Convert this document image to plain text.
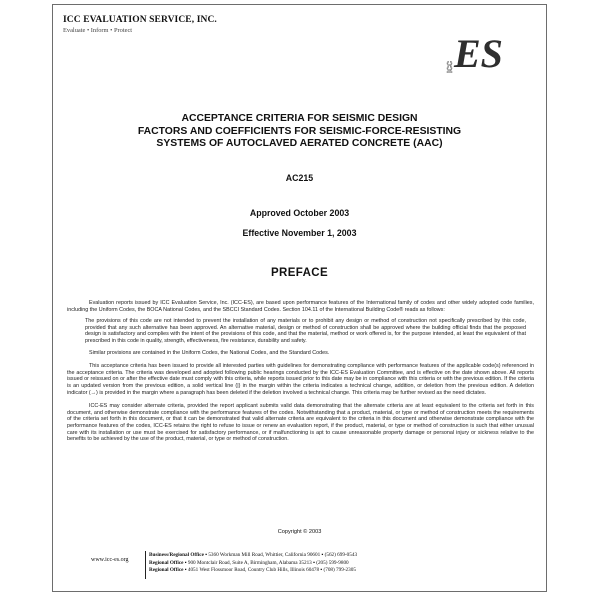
ICC EVALUATION SERVICE, INC.
Evaluate • Inform • Protect
ES
ICC
ACCEPTANCE CRITERIA FOR SEISMIC DESIGN
FACTORS AND COEFFICIENTS FOR SEISMIC-FORCE-RESISTING
SYSTEMS OF AUTOCLAVED AERATED CONCRETE (AAC)
AC215
Approved October 2003
Effective November 1, 2003
PREFACE

Evaluation reports issued by ICC Evaluation Service, Inc. (ICC-ES), are based upon performance features of the International family of codes and other widely adopted code families, including the Uniform Codes, the BOCA National Codes, and the SBCCI Standard Codes. Section 104.11 of the International Building Code® reads as follows:

The provisions of this code are not intended to prevent the installation of any materials or to prohibit any design or method of construction not specifically prescribed by this code, provided that any such alternative has been approved. An alternative material, design or method of construction shall be approved where the building official finds that the proposed design is satisfactory and complies with the intent of the provisions of this code, and that the material, method or work offered is, for the purpose intended, at least the equivalent of that prescribed in this code in quality, strength, effectiveness, fire resistance, durability and safety.

Similar provisions are contained in the Uniform Codes, the National Codes, and the Standard Codes.

This acceptance criteria has been issued to provide all interested parties with guidelines for demonstrating compliance with performance features of the applicable code(s) referenced in the acceptance criteria. The criteria was developed and adopted following public hearings conducted by the ICC-ES Evaluation Committee, and is effective on the date shown above. All reports issued or reissued on or after the effective date must comply with this criteria, while reports issued prior to this date may be in compliance with this criteria or with the previous edition. If the criteria is an updated version from the previous edition, a solid vertical line (|) in the margin within the criteria indicates a technical change, addition, or deletion from the previous edition. A deletion indicator (→) is provided in the margin where a paragraph has been deleted if the deletion involved a technical change. This criteria may be further revised as the need dictates.

ICC-ES may consider alternate criteria, provided the report applicant submits valid data demonstrating that the alternate criteria are at least equivalent to the criteria set forth in this document, and otherwise demonstrate compliance with the performance features of the codes. Notwithstanding that a product, material, or type or method of construction meets the requirements of the criteria set forth in this document, or that it can be demonstrated that valid alternate criteria are equivalent to the criteria in this document and otherwise demonstrate compliance with the performance features of the codes, ICC-ES retains the right to refuse to issue or renew an evaluation report, if the product, material, or type or method of construction is such that either unusual care with its installation or use must be exercised for satisfactory performance, or if malfunctioning is apt to cause unreasonable property damage or personal injury or sickness relative to the benefits to be achieved by the use of the product, material, or type or method of construction.

Copyright © 2003
www.icc-es.org
Business/Regional Office ▪ 5360 Workman Mill Road, Whittier, California 90601 ▪ (562) 699-0543
Regional Office ▪ 900 Montclair Road, Suite A, Birmingham, Alabama 35213 ▪ (205) 599-9800
Regional Office ▪ 4051 West Flossmoor Road, Country Club Hills, Illinois 60478 ▪ (708) 799-2305
